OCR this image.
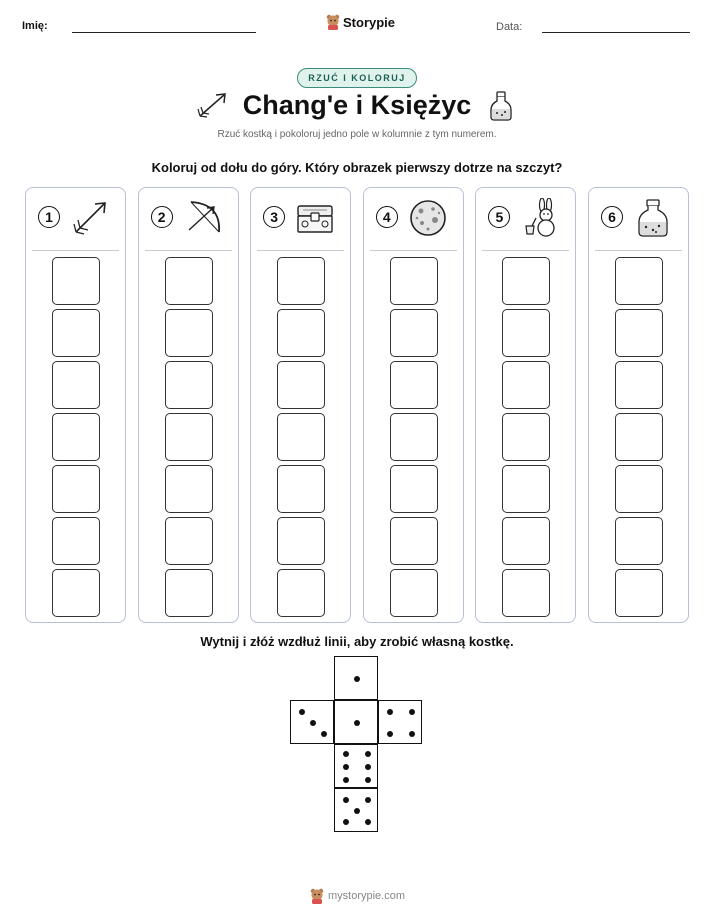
Imię:	Storypie	Data:
RZUĆ I KOLORUJ
Chang'e i Księżyc
Rzuć kostką i pokoloruj jedno pole w kolumnie z tym numerem.
Koloruj od dołu do góry. Który obrazek pierwszy dotrze na szczyt?
1	2	3	4	5	6
Wytnij i złóż wzdłuż linii, aby zrobić własną kostkę.
mystorypie.com
